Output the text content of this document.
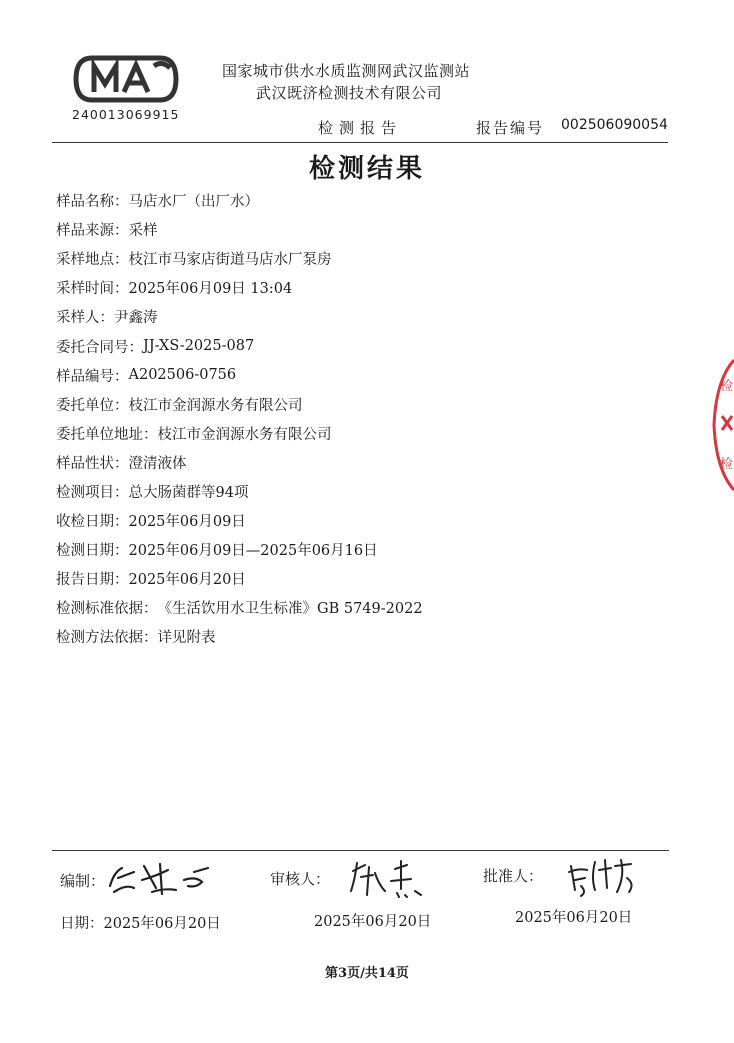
240013069915
国家城市供水水质监测网武汉监测站
武汉既济检测技术有限公司
检测报告	报告编号 002506090054
检测结果
样品名称： 马店水厂（出厂水）
样品来源： 采样
采样地点： 枝江市马家店街道马店水厂泵房
采样时间： 2025年06月09日 13:04
采样人： 尹鑫涛
委托合同号： JJ-XS-2025-087
样品编号： A202506-0756
委托单位： 枝江市金润源水务有限公司
委托单位地址： 枝江市金润源水务有限公司
样品性状： 澄清液体
检测项目： 总大肠菌群等94项
收检日期： 2025年06月09日
检测日期： 2025年06月09日—2025年06月16日
报告日期： 2025年06月20日
检测标准依据： 《生活饮用水卫生标准》GB 5749-2022
检测方法依据： 详见附表
编制：
日期：2025年06月20日
审核人：
2025年06月20日
批准人：
2025年06月20日
第3页/共14页
检
检
